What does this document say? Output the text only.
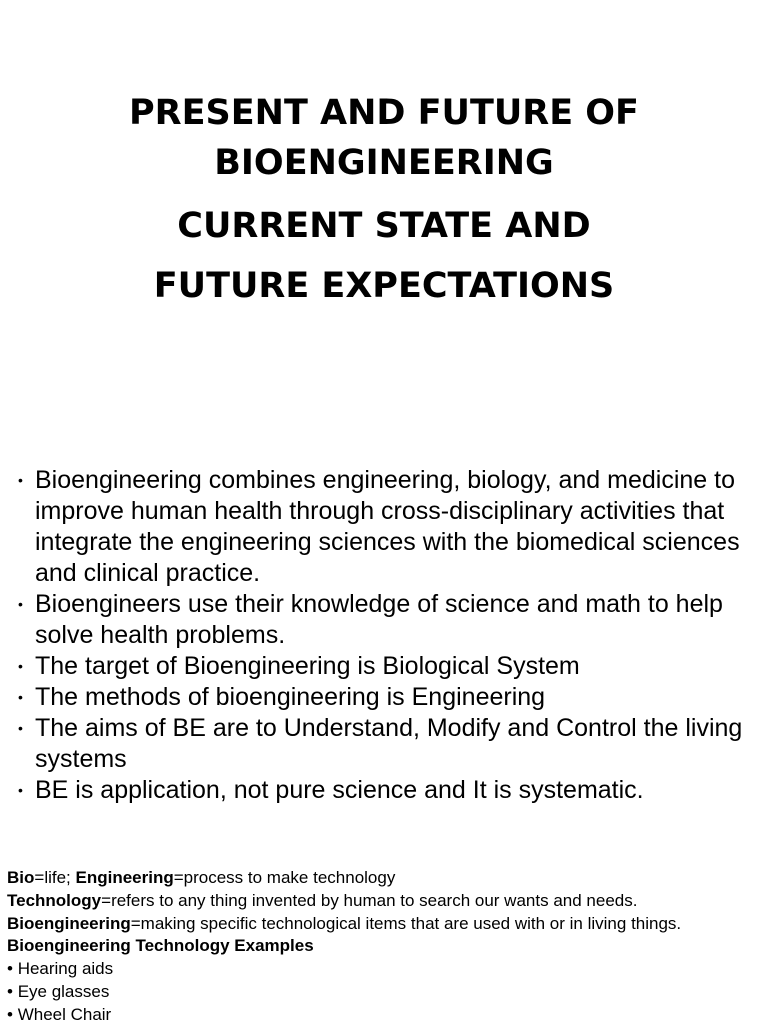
PRESENT AND FUTURE OF
BIOENGINEERING
CURRENT STATE AND
FUTURE EXPECTATIONS
• Bioengineering combines engineering, biology, and medicine to improve human health through cross-disciplinary activities that integrate the engineering sciences with the biomedical sciences and clinical practice.
• Bioengineers use their knowledge of science and math to help solve health problems.
• The target of Bioengineering is Biological System
• The methods of bioengineering is Engineering
• The aims of BE are to Understand, Modify and Control the living systems
• BE is application, not pure science and It is systematic.
Bio=life; Engineering=process to make technology
Technology=refers to any thing invented by human to search our wants and needs.
Bioengineering=making specific technological items that are used with or in living things.
Bioengineering Technology Examples
• Hearing aids
• Eye glasses
• Wheel Chair
